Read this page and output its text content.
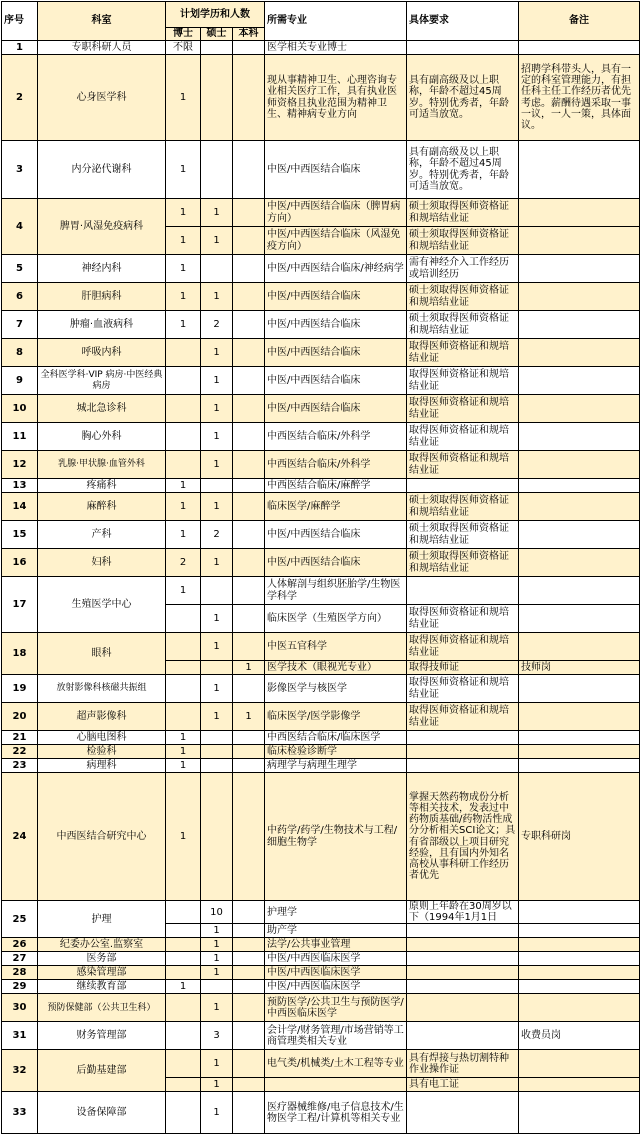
序号	科室	计划学历和人数			所需专业	具体要求	备注
		博士	硕士	本科			
1	专职科研人员	不限			医学相关专业博士		
2	心身医学科	1			现从事精神卫生、心理咨询专业相关医疗工作，具有执业医师资格且执业范围为精神卫生、精神病专业方向	具有副高级及以上职称，年龄不超过45周岁。特别优秀者，年龄可适当放宽。	招聘学科带头人，具有一定的科室管理能力，有担任科主任工作经历者优先考虑。薪酬待遇采取一事一议，一人一策，具体面议。
3	内分泌代谢科	1			中医/中西医结合临床	具有副高级及以上职称，年龄不超过45周岁。特别优秀者，年龄可适当放宽。	
4	脾胃·风湿免疫病科	1	1		中医/中西医结合临床（脾胃病方向）	硕士须取得医师资格证和规培结业证	
		1	1		中医/中西医结合临床（风湿免疫方向）	硕士须取得医师资格证和规培结业证	
5	神经内科	1			中医/中西医结合临床/神经病学	需有神经介入工作经历或培训经历	
6	肝胆病科	1	1		中医/中西医结合临床	硕士须取得医师资格证和规培结业证	
7	肿瘤·血液病科	1	2		中医/中西医结合临床	硕士须取得医师资格证和规培结业证	
8	呼吸内科		1		中医/中西医结合临床	取得医师资格证和规培结业证	
9	全科医学科·VIP 病房·中医经典病房		1		中医/中西医结合临床	取得医师资格证和规培结业证	
10	城北急诊科		1		中医/中西医结合临床	取得医师资格证和规培结业证	
11	胸心外科		1		中西医结合临床/外科学	取得医师资格证和规培结业证	
12	乳腺·甲状腺·血管外科		1		中西医结合临床/外科学	取得医师资格证和规培结业证	
13	疼痛科	1			中西医结合临床/麻醉学		
14	麻醉科	1	1		临床医学/麻醉学	硕士须取得医师资格证和规培结业证	
15	产科	1	2		中医/中西医结合临床	硕士须取得医师资格证和规培结业证	
16	妇科	2	1		中医/中西医结合临床	硕士须取得医师资格证和规培结业证	
17	生殖医学中心	1			人体解剖与组织胚胎学/生物医学科学		
			1		临床医学（生殖医学方向）	取得医师资格证和规培结业证	
18	眼科		1		中医五官科学	取得医师资格证和规培结业证	
				1	医学技术（眼视光专业）	取得技师证	技师岗
19	放射影像科核磁共振组		1		影像医学与核医学	取得医师资格证和规培结业证	
20	超声影像科		1	1	临床医学/医学影像学	取得医师资格证和规培结业证	
21	心脑电图科	1			中西医结合临床/临床医学		
22	检验科	1			临床检验诊断学		
23	病理科	1			病理学与病理生理学		
24	中西医结合研究中心	1			中药学/药学/生物技术与工程/细胞生物学	掌握天然药物成份分析等相关技术，发表过中药物质基础/药物活性成分分析相关SCI论文；具有省部级以上项目研究经验，且有国内外知名高校从事科研工作经历者优先	专职科研岗
25	护理		10		护理学	原则上年龄在30周岁以下（1994年1月1日	
			1		助产学		
26	纪委办公室.监察室		1		法学/公共事业管理		
27	医务部		1		中医/中西医临床医学		
28	感染管理部		1		中医/中西医临床医学		
29	继续教育部	1			中医/中西医临床医学		
30	预防保健部（公共卫生科）		1		预防医学/公共卫生与预防医学/中西医临床医学		
31	财务管理部		3		会计学/财务管理/市场营销等工商管理类相关专业		收费员岗
32	后勤基建部		1		电气类/机械类/土木工程等专业	具有焊接与热切割特种作业操作证	
			1			具有电工证	
33	设备保障部		1		医疗器械维修/电子信息技术/生物医学工程/计算机等相关专业		
